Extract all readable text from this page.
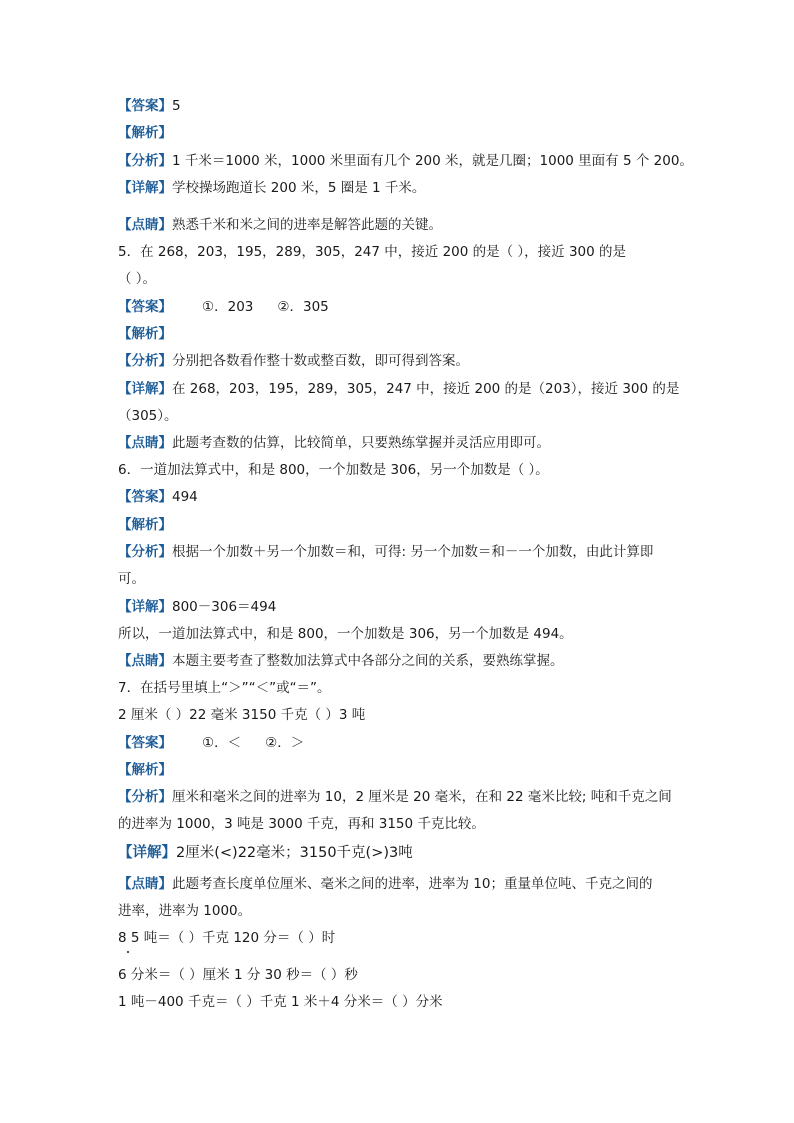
【答案】5
【解析】
【分析】1 千米＝1000 米，1000 米里面有几个 200 米，就是几圈；1000 里面有 5 个 200。
【详解】学校操场跑道长 200 米，5 圈是 1 千米。
【点睛】熟悉千米和米之间的进率是解答此题的关键。
5．在 268，203，195，289，305，247 中，接近 200 的是（ ），接近 300 的是
（ ）。
【答案】 ①．203 ②．305
【解析】
【分析】分别把各数看作整十数或整百数，即可得到答案。
【详解】在 268，203，195，289，305，247 中，接近 200 的是（203），接近 300 的是
（305）。
【点睛】此题考查数的估算，比较简单，只要熟练掌握并灵活应用即可。
6．一道加法算式中，和是 800，一个加数是 306，另一个加数是（ ）。
【答案】494
【解析】
【分析】根据一个加数＋另一个加数＝和，可得: 另一个加数＝和－一个加数，由此计算即
可。
【详解】800－306＝494
所以，一道加法算式中，和是 800，一个加数是 306，另一个加数是 494。
【点睛】本题主要考查了整数加法算式中各部分之间的关系，要熟练掌握。
7．在括号里填上“＞”“＜”或“＝”。
2 厘米（ ）22 毫米 3150 千克（ ）3 吨
【答案】 ①．＜ ②．＞
【解析】
【分析】厘米和毫米之间的进率为 10，2 厘米是 20 毫米，在和 22 毫米比较; 吨和千克之间
的进率为 1000，3 吨是 3000 千克，再和 3150 千克比较。
【详解】2厘米(<)22毫米；3150千克(>)3吨
【点睛】此题考查长度单位厘米、毫米之间的进率，进率为 10；重量单位吨、千克之间的
进率，进率为 1000。
8 5 吨＝（ ）千克 120 分＝（ ）时
6 分米＝（ ）厘米 1 分 30 秒＝（ ）秒
1 吨－400 千克＝（ ）千克 1 米＋4 分米＝（ ）分米
